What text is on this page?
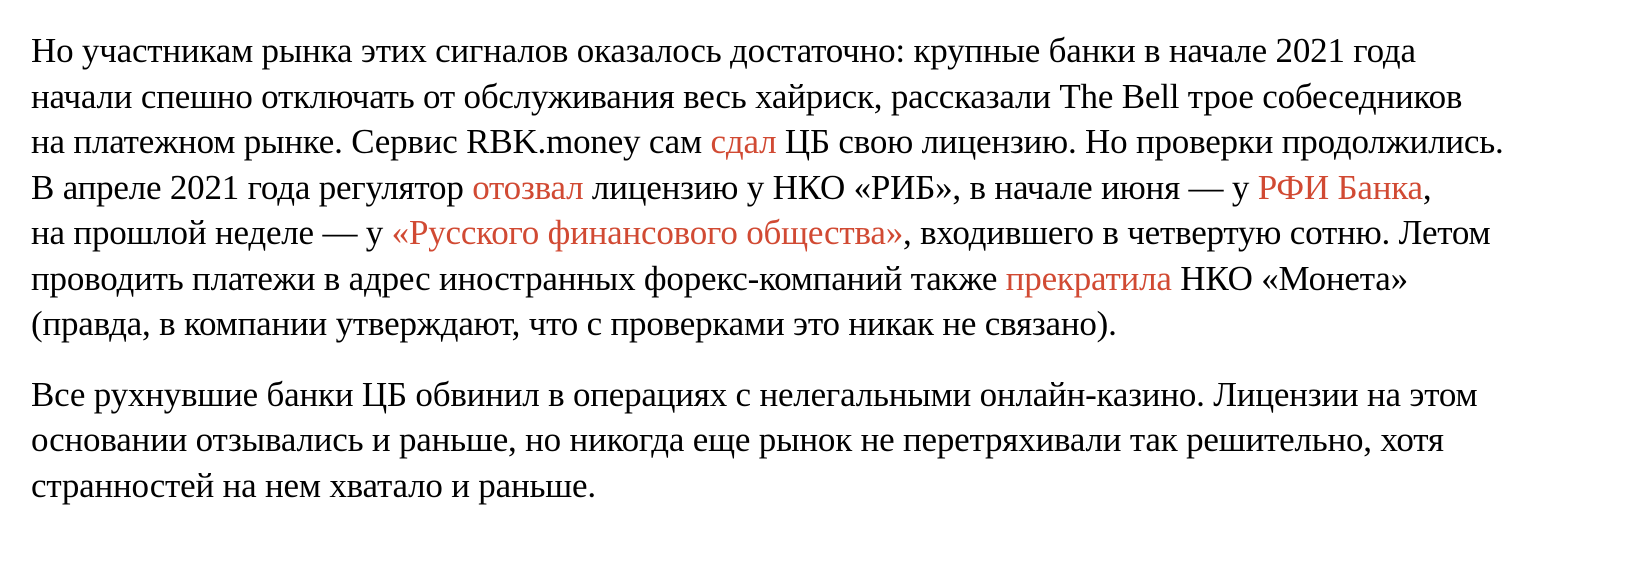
Но участникам рынка этих сигналов оказалось достаточно: крупные банки в начале 2021 года
начали спешно отключать от обслуживания весь хайриск, рассказали The Bell трое собеседников
на платежном рынке. Сервис RBK.money сам сдал ЦБ свою лицензию. Но проверки продолжились.
В апреле 2021 года регулятор отозвал лицензию у НКО «РИБ», в начале июня — у РФИ Банка,
на прошлой неделе — у «Русского финансового общества», входившего в четвертую сотню. Летом
проводить платежи в адрес иностранных форекс-компаний также прекратила НКО «Монета»
(правда, в компании утверждают, что с проверками это никак не связано).
Все рухнувшие банки ЦБ обвинил в операциях с нелегальными онлайн-казино. Лицензии на этом
основании отзывались и раньше, но никогда еще рынок не перетряхивали так решительно, хотя
странностей на нем хватало и раньше.
